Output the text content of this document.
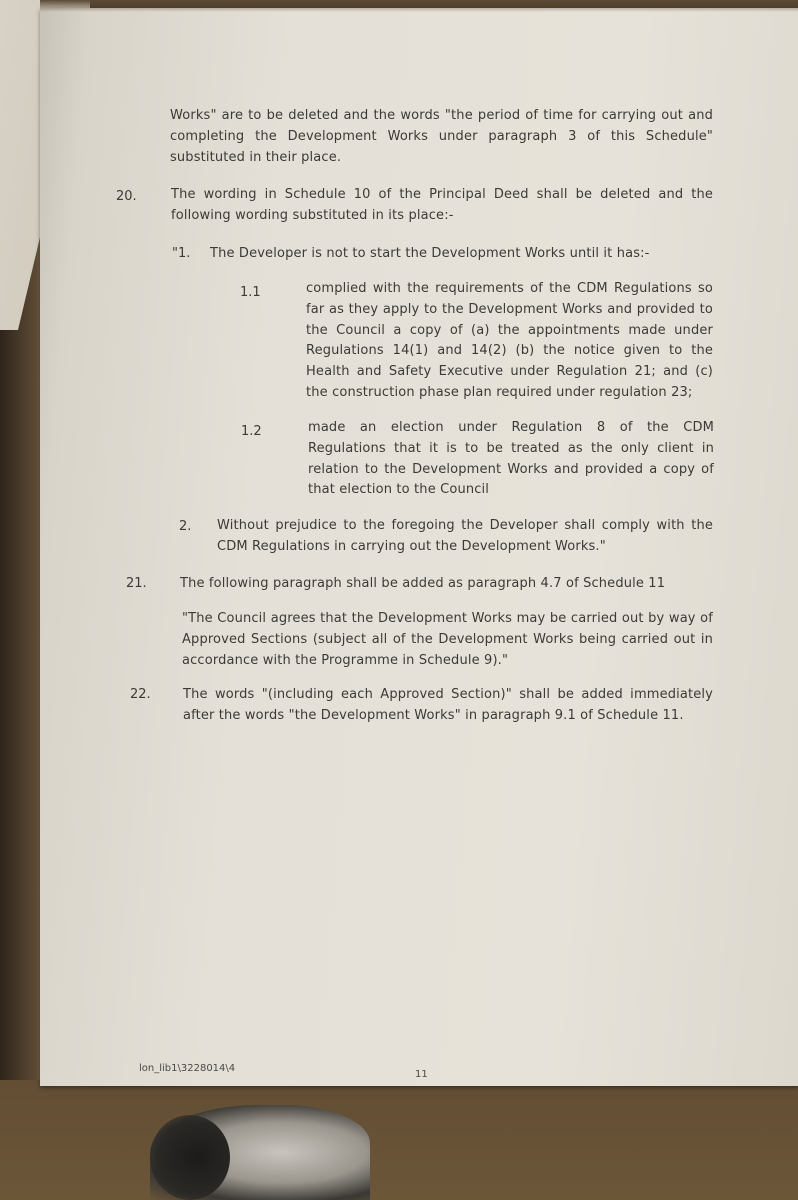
Works" are to be deleted and the words "the period of time for carrying out and completing the Development Works under paragraph 3 of this Schedule" substituted in their place.

20.	The wording in Schedule 10 of the Principal Deed shall be deleted and the following wording substituted in its place:-

"1. The Developer is not to start the Development Works until it has:-

1.1	complied with the requirements of the CDM Regulations so far as they apply to the Development Works and provided to the Council a copy of (a) the appointments made under Regulations 14(1) and 14(2) (b) the notice given to the Health and Safety Executive under Regulation 21; and (c) the construction phase plan required under regulation 23;

1.2	made an election under Regulation 8 of the CDM Regulations that it is to be treated as the only client in relation to the Development Works and provided a copy of that election to the Council

2. Without prejudice to the foregoing the Developer shall comply with the CDM Regulations in carrying out the Development Works."

21.	The following paragraph shall be added as paragraph 4.7 of Schedule 11

"The Council agrees that the Development Works may be carried out by way of Approved Sections (subject all of the Development Works being carried out in accordance with the Programme in Schedule 9)."

22. The words "(including each Approved Section)" shall be added immediately after the words "the Development Works" in paragraph 9.1 of Schedule 11.

lon_lib1\3228014\4
11
